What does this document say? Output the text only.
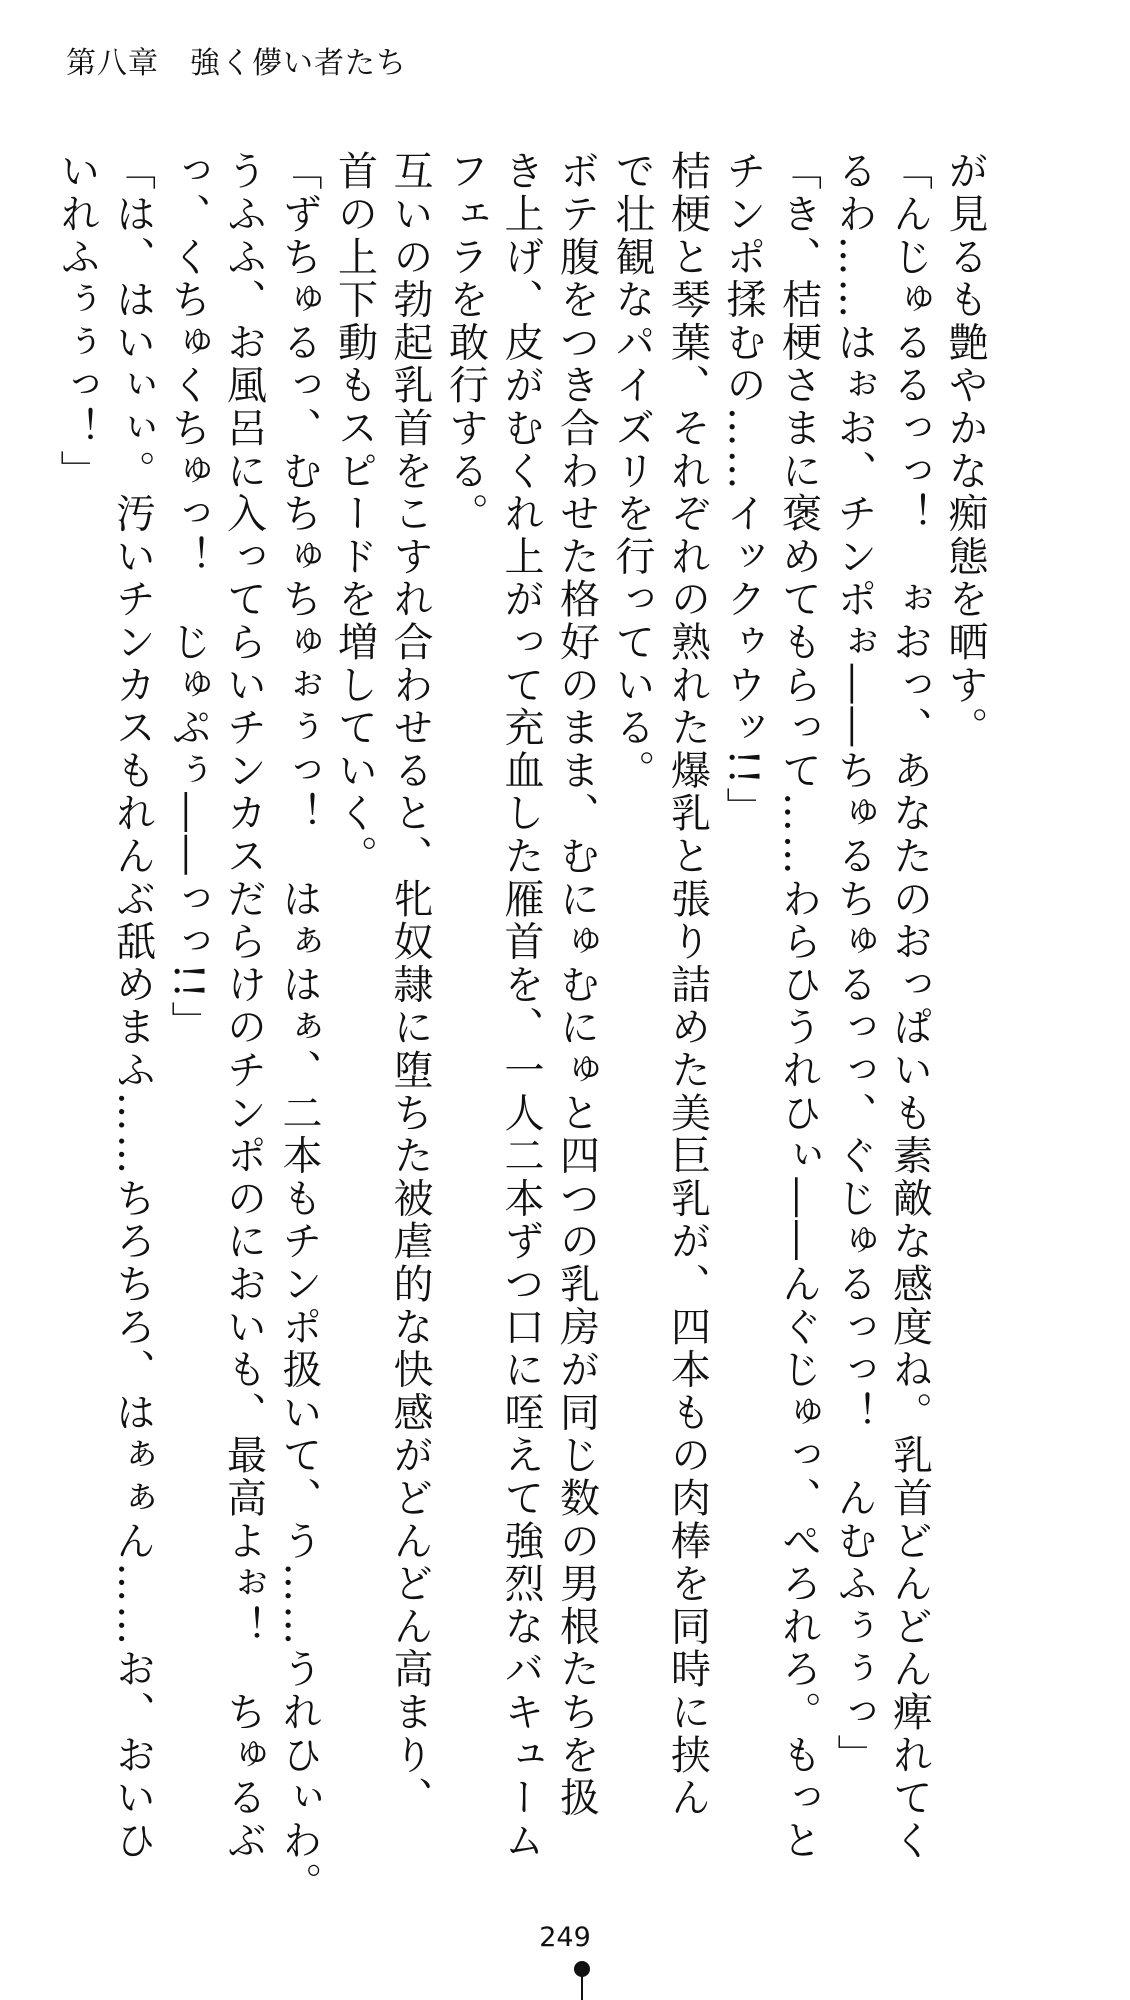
第八章　強く儚い者たち
が見るも艶やかな痴態を晒す。
「んじゅるるっっ！　ぉおっ、あなたのおっぱいも素敵な感度ね。乳首どんどん痺れてく
るわ……はぉお、チンポぉ――ちゅるちゅるっっ、ぐじゅるっっ！　んむふぅぅっ」
「き、桔梗さまに褒めてもらって……わらひうれひぃ――んぐじゅっ、ぺろれろ。もっと
チンポ揉むの……イックゥウッ!!」
桔梗と琴葉、それぞれの熟れた爆乳と張り詰めた美巨乳が、四本もの肉棒を同時に挟ん
で壮観なパイズリを行っている。
ボテ腹をつき合わせた格好のまま、むにゅむにゅと四つの乳房が同じ数の男根たちを扱
き上げ、皮がむくれ上がって充血した雁首を、一人二本ずつ口に咥えて強烈なバキューム
フェラを敢行する。
互いの勃起乳首をこすれ合わせると、牝奴隷に堕ちた被虐的な快感がどんどん高まり、
首の上下動もスピードを増していく。
「ずちゅるっ、むちゅちゅぉぅっ！　はぁはぁ、二本もチンポ扱いて、う……うれひぃわ。
うふふ、お風呂に入ってらいチンカスだらけのチンポのにおいも、最高よぉ！　ちゅるぶ
っ、くちゅくちゅっ！　じゅぷぅ――っっ!!」
「は、はいぃぃ。汚いチンカスもれんぶ舐めまふ……ちろちろ、はぁぁん……お、おいひ
いれふぅぅっ！」
249
